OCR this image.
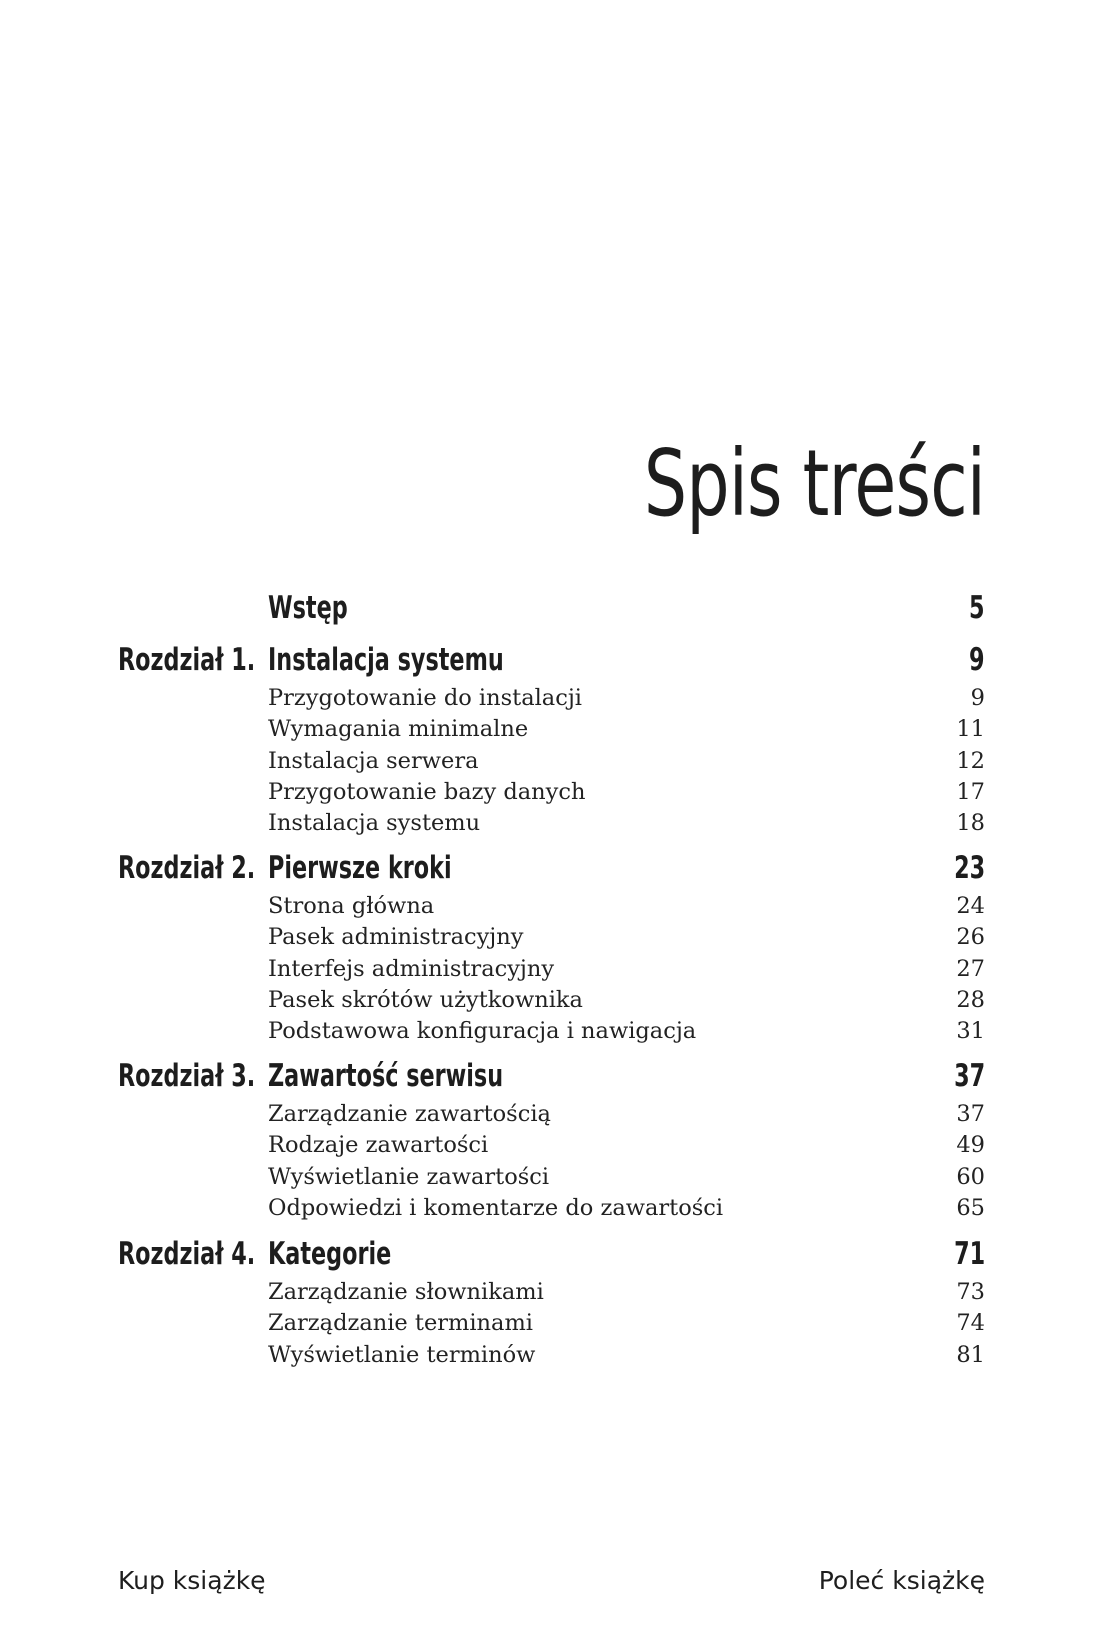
Spis treści
Wstęp	5
Rozdział 1. Instalacja systemu	9
Przygotowanie do instalacji	9
Wymagania minimalne	11
Instalacja serwera	12
Przygotowanie bazy danych	17
Instalacja systemu	18
Rozdział 2. Pierwsze kroki	23
Strona główna	24
Pasek administracyjny	26
Interfejs administracyjny	27
Pasek skrótów użytkownika	28
Podstawowa konfiguracja i nawigacja	31
Rozdział 3. Zawartość serwisu	37
Zarządzanie zawartością	37
Rodzaje zawartości	49
Wyświetlanie zawartości	60
Odpowiedzi i komentarze do zawartości	65
Rozdział 4. Kategorie	71
Zarządzanie słownikami	73
Zarządzanie terminami	74
Wyświetlanie terminów	81
Kup książkę	Poleć książkę
